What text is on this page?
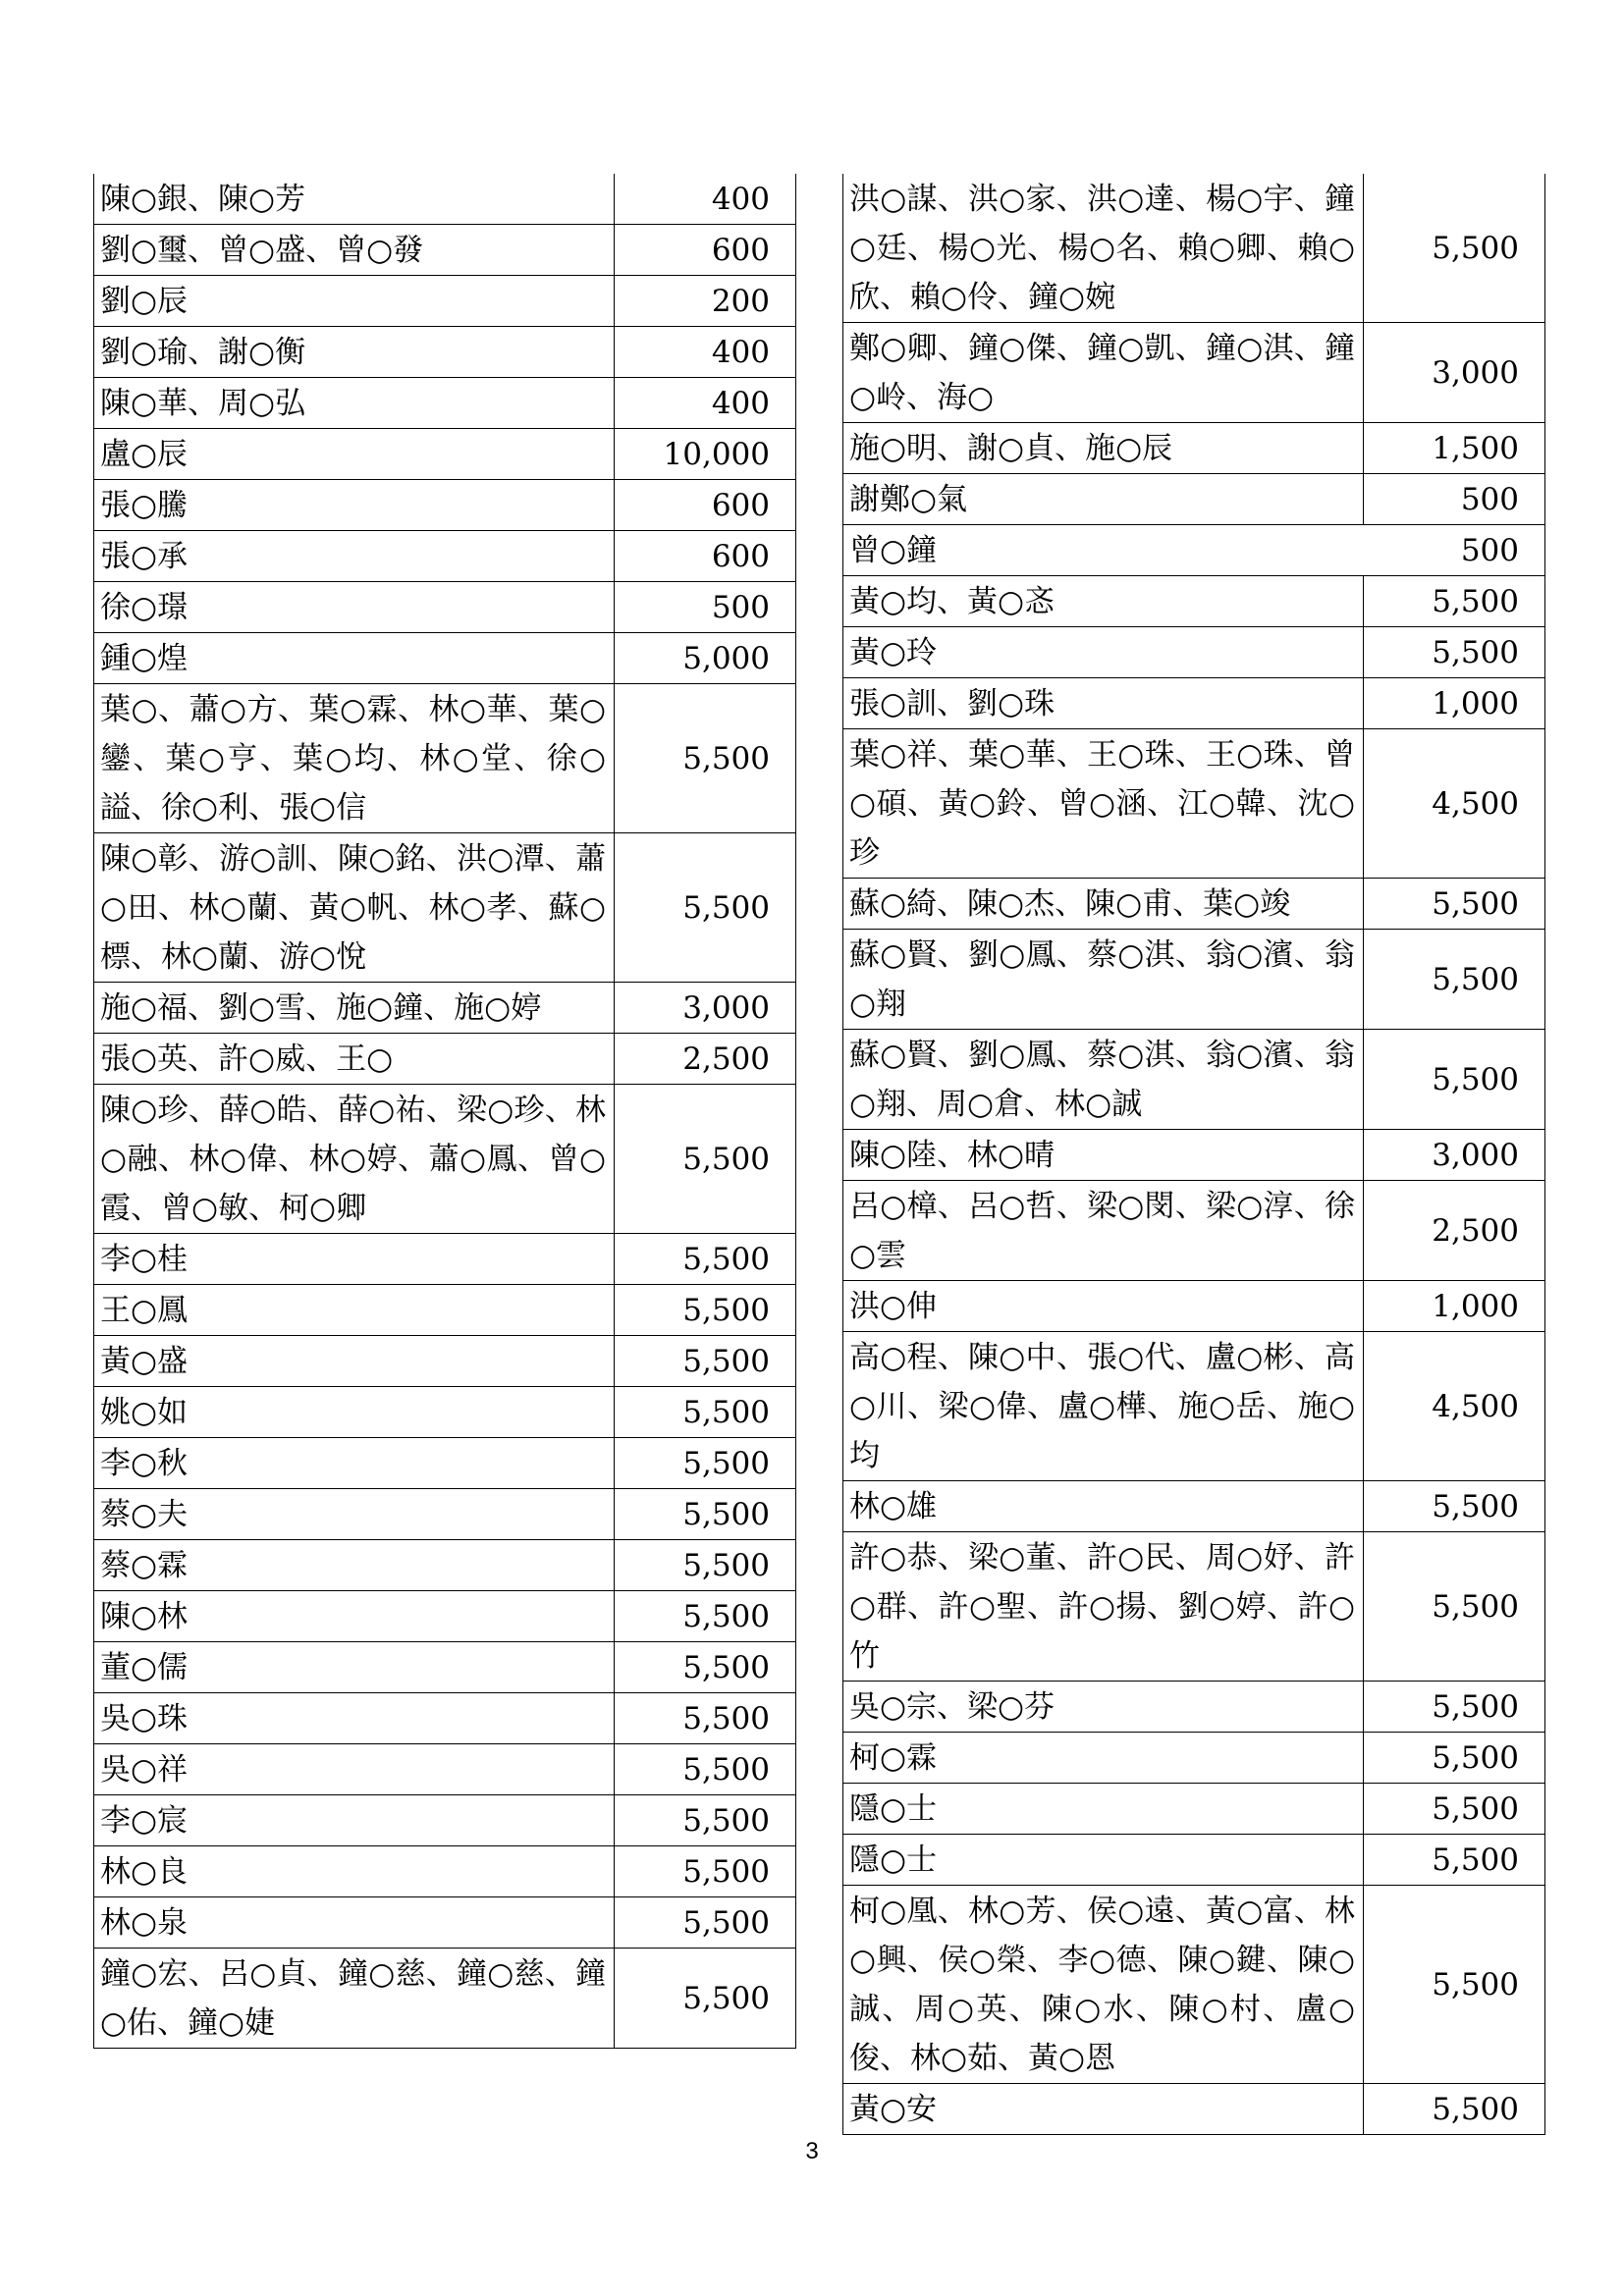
陳○銀、陳○芳	400
劉○璽、曾○盛、曾○發	600
劉○辰	200
劉○瑜、謝○衡	400
陳○華、周○弘	400
盧○辰	10,000
張○騰	600
張○承	600
徐○璟	500
鍾○煌	5,000
葉○、蕭○方、葉○霖、林○華、葉○鑾、葉○亨、葉○均、林○堂、徐○謚、徐○利、張○信	5,500
陳○彰、游○訓、陳○銘、洪○潭、蕭○田、林○蘭、黃○帆、林○孝、蘇○標、林○蘭、游○悅	5,500
施○福、劉○雪、施○鐘、施○婷	3,000
張○英、許○威、王○	2,500
陳○珍、薛○皓、薛○祐、梁○珍、林○融、林○偉、林○婷、蕭○鳳、曾○霞、曾○敏、柯○卿	5,500
李○桂	5,500
王○鳳	5,500
黃○盛	5,500
姚○如	5,500
李○秋	5,500
蔡○夫	5,500
蔡○霖	5,500
陳○林	5,500
董○儒	5,500
吳○珠	5,500
吳○祥	5,500
李○宸	5,500
林○良	5,500
林○泉	5,500
鐘○宏、呂○貞、鐘○慈、鐘○慈、鐘○佑、鐘○婕	5,500
洪○謀、洪○家、洪○達、楊○宇、鐘○廷、楊○光、楊○名、賴○卿、賴○欣、賴○伶、鐘○婉	5,500
鄭○卿、鐘○傑、鐘○凱、鐘○淇、鐘○岭、海○	3,000
施○明、謝○貞、施○辰	1,500
謝鄭○氣	500
曾○鐘	500
黃○均、黃○忞	5,500
黃○玲	5,500
張○訓、劉○珠	1,000
葉○祥、葉○華、王○珠、王○珠、曾○碩、黃○鈴、曾○涵、江○韓、沈○珍	4,500
蘇○綺、陳○杰、陳○甫、葉○竣	5,500
蘇○賢、劉○鳳、蔡○淇、翁○濱、翁○翔	5,500
蘇○賢、劉○鳳、蔡○淇、翁○濱、翁○翔、周○倉、林○誠	5,500
陳○陸、林○晴	3,000
呂○樟、呂○哲、梁○閔、梁○淳、徐○雲	2,500
洪○伸	1,000
高○程、陳○中、張○代、盧○彬、高○川、梁○偉、盧○樺、施○岳、施○均	4,500
林○雄	5,500
許○恭、梁○董、許○民、周○妤、許○群、許○聖、許○揚、劉○婷、許○竹	5,500
吳○宗、梁○芬	5,500
柯○霖	5,500
隱○士	5,500
隱○士	5,500
柯○凰、林○芳、侯○遠、黃○富、林○興、侯○榮、李○德、陳○鍵、陳○誠、周○英、陳○水、陳○村、盧○俊、林○茹、黃○恩	5,500
黃○安	5,500
3
